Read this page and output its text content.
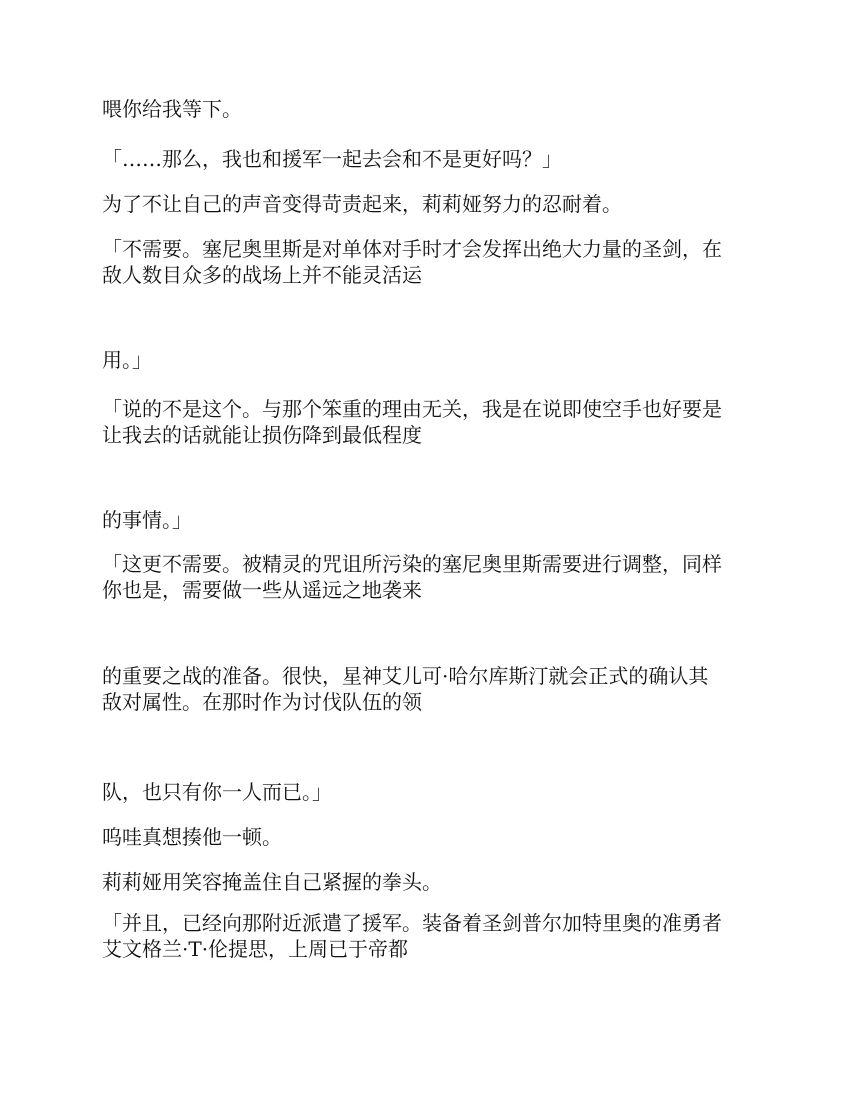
喂你给我等下。
「……那么，我也和援军一起去会和不是更好吗？」
为了不让自己的声音变得苛责起来，莉莉娅努力的忍耐着。
「不需要。塞尼奥里斯是对单体对手时才会发挥出绝大力量的圣剑，在
敌人数目众多的战场上并不能灵活运
用。」
「说的不是这个。与那个笨重的理由无关，我是在说即使空手也好要是
让我去的话就能让损伤降到最低程度
的事情。」
「这更不需要。被精灵的咒诅所污染的塞尼奥里斯需要进行调整，同样
你也是，需要做一些从遥远之地袭来
的重要之战的准备。很快，星神艾儿可·哈尔库斯汀就会正式的确认其
敌对属性。在那时作为讨伐队伍的领
队，也只有你一人而已。」
呜哇真想揍他一顿。
莉莉娅用笑容掩盖住自己紧握的拳头。
「并且，已经向那附近派遣了援军。装备着圣剑普尔加特里奥的准勇者
艾文格兰·T·伦提思，上周已于帝都
